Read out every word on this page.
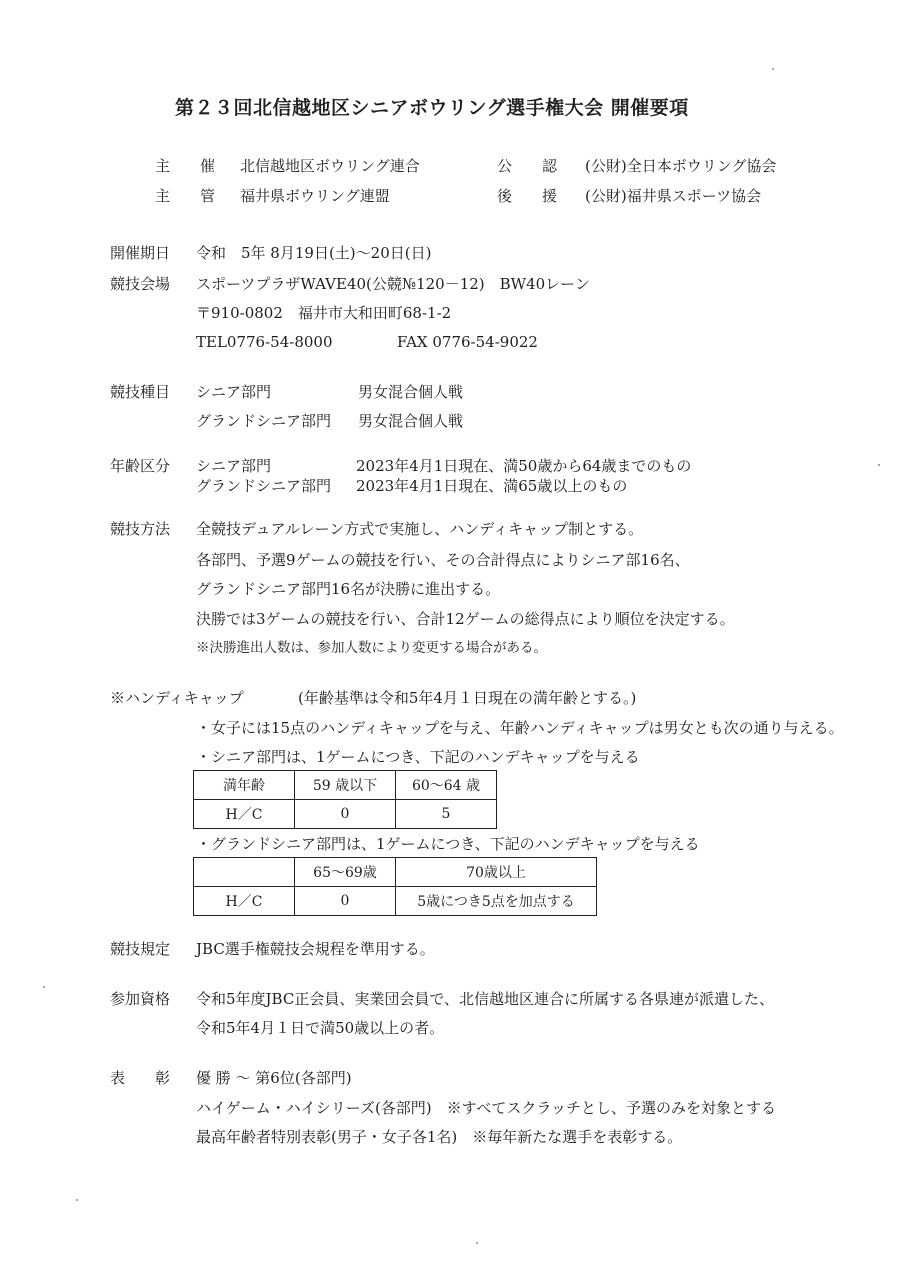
第２３回北信越地区シニアボウリング選手権大会 開催要項
主　　催 北信越地区ボウリング連合	公　　認 (公財)全日本ボウリング協会
主　　管 福井県ボウリング連盟	後　　援 (公財)福井県スポーツ協会
開催期日 令和　5年 8月19日(土)～20日(日)
競技会場 スポーツプラザWAVE40(公競№120－12)　BW40レーン
〒910-0802　福井市大和田町68-1-2
TEL0776-54-8000	FAX 0776-54-9022
競技種目 シニア部門	男女混合個人戦
グランドシニア部門 男女混合個人戦
年齢区分 シニア部門	2023年4月1日現在、満50歳から64歳までのもの
グランドシニア部門 2023年4月1日現在、満65歳以上のもの
競技方法 全競技デュアルレーン方式で実施し、ハンディキャップ制とする。
各部門、予選9ゲームの競技を行い、その合計得点によりシニア部16名、
グランドシニア部門16名が決勝に進出する。
決勝では3ゲームの競技を行い、合計12ゲームの総得点により順位を決定する。
※決勝進出人数は、参加人数により変更する場合がある。
※ハンディキャップ	(年齢基準は令和5年4月１日現在の満年齢とする。)
・女子には15点のハンディキャップを与え、年齢ハンディキャップは男女とも次の通り与える。
・シニア部門は、1ゲームにつき、下記のハンデキャップを与える
満年齢	59 歳以下	60～64 歳
H／C	0	5
・グランドシニア部門は、1ゲームにつき、下記のハンデキャップを与える
	65～69歳	70歳以上
H／C	0	5歳につき5点を加点する
競技規定 JBC選手権競技会規程を準用する。
参加資格 令和5年度JBC正会員、実業団会員で、北信越地区連合に所属する各県連が派遣した、
令和5年4月１日で満50歳以上の者。
表　　彰 優 勝 ～ 第6位(各部門)
ハイゲーム・ハイシリーズ(各部門)　※すべてスクラッチとし、予選のみを対象とする
最高年齢者特別表彰(男子・女子各1名)　※毎年新たな選手を表彰する。
